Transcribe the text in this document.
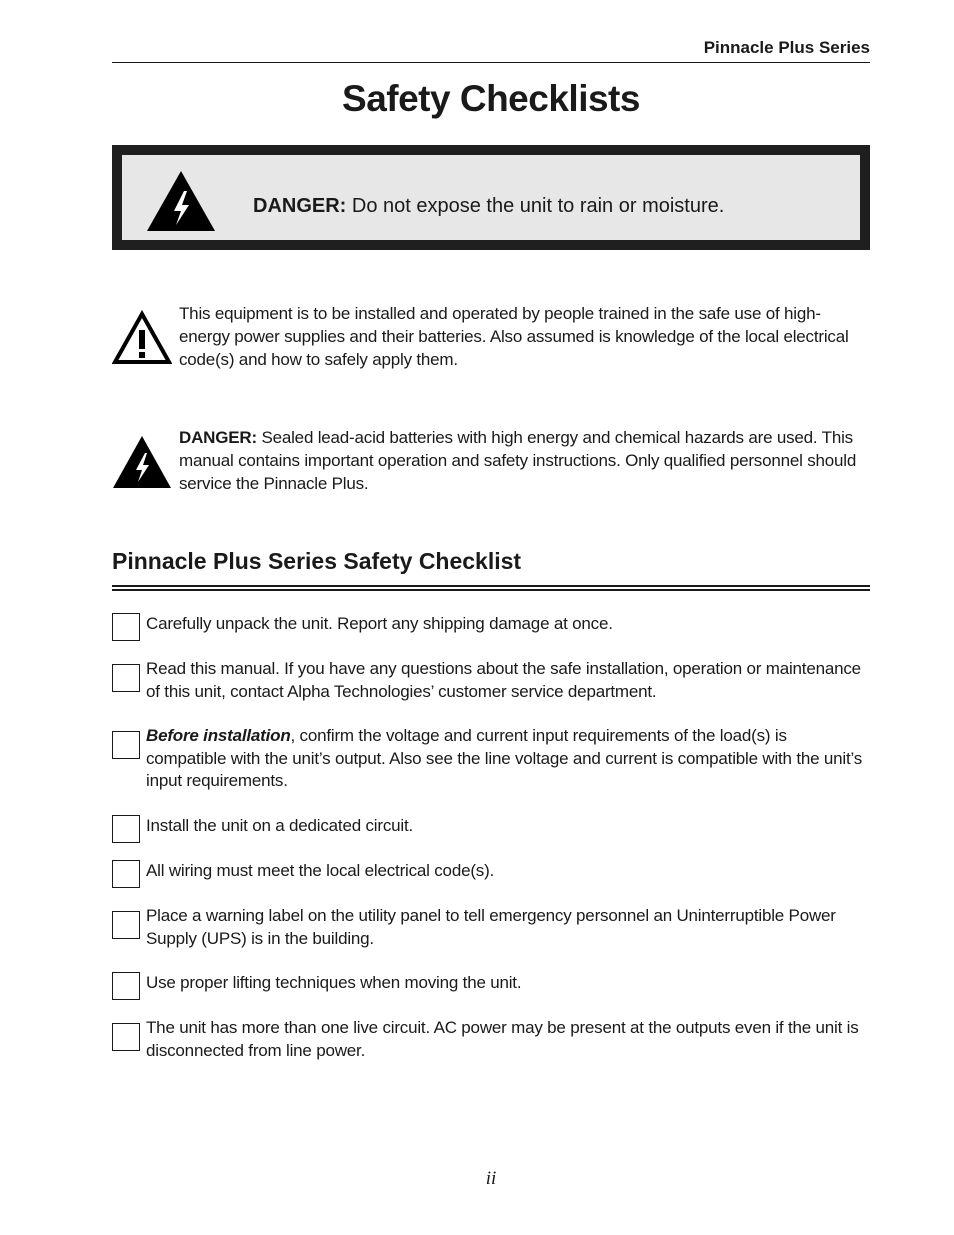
Pinnacle Plus Series
Safety Checklists
DANGER: Do not expose the unit to rain or moisture.
This equipment is to be installed and operated by people trained in the safe use of high-energy power supplies and their batteries. Also assumed is knowledge of the local electrical code(s) and how to safely apply them.
DANGER: Sealed lead-acid batteries with high energy and chemical hazards are used. This manual contains important operation and safety instructions. Only qualified personnel should service the Pinnacle Plus.
Pinnacle Plus Series Safety Checklist
Carefully unpack the unit. Report any shipping damage at once.
Read this manual. If you have any questions about the safe installation, operation or maintenance of this unit, contact Alpha Technologies’ customer service department.
Before installation, confirm the voltage and current input requirements of the load(s) is compatible with the unit’s output. Also see the line voltage and current is compatible with the unit’s input requirements.
Install the unit on a dedicated circuit.
All wiring must meet the local electrical code(s).
Place a warning label on the utility panel to tell emergency personnel an Uninterruptible Power Supply (UPS) is in the building.
Use proper lifting techniques when moving the unit.
The unit has more than one live circuit. AC power may be present at the outputs even if the unit is disconnected from line power.
ii
